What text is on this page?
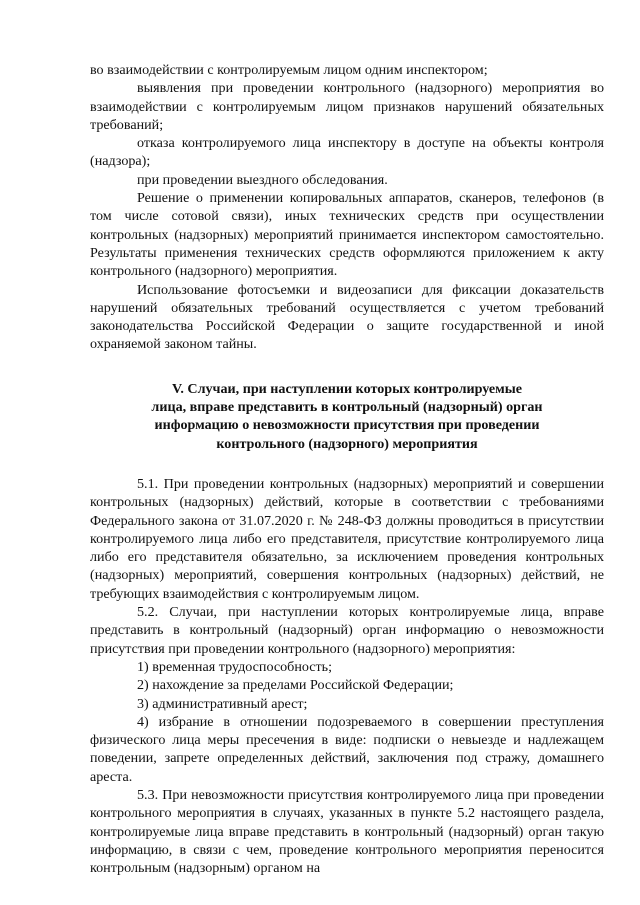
во взаимодействии с контролируемым лицом одним инспектором;

выявления при проведении контрольного (надзорного) мероприятия во взаимодействии с контролируемым лицом признаков нарушений обязательных требований;

отказа контролируемого лица инспектору в доступе на объекты контроля (надзора);

при проведении выездного обследования.

Решение о применении копировальных аппаратов, сканеров, телефонов (в том числе сотовой связи), иных технических средств при осуществлении контрольных (надзорных) мероприятий принимается инспектором самостоятельно. Результаты применения технических средств оформляются приложением к акту контрольного (надзорного) мероприятия.

Использование фотосъемки и видеозаписи для фиксации доказательств нарушений обязательных требований осуществляется с учетом требований законодательства Российской Федерации о защите государственной и иной охраняемой законом тайны.

V. Случаи, при наступлении которых контролируемые
лица, вправе представить в контрольный (надзорный) орган
информацию о невозможности присутствия при проведении
контрольного (надзорного) мероприятия

5.1. При проведении контрольных (надзорных) мероприятий и совершении контрольных (надзорных) действий, которые в соответствии с требованиями Федерального закона от 31.07.2020 г. № 248-ФЗ должны проводиться в присутствии контролируемого лица либо его представителя, присутствие контролируемого лица либо его представителя обязательно, за исключением проведения контрольных (надзорных) мероприятий, совершения контрольных (надзорных) действий, не требующих взаимодействия с контролируемым лицом.

5.2. Случаи, при наступлении которых контролируемые лица, вправе представить в контрольный (надзорный) орган информацию о невозможности присутствия при проведении контрольного (надзорного) мероприятия:

1) временная трудоспособность;

2) нахождение за пределами Российской Федерации;

3) административный арест;

4) избрание в отношении подозреваемого в совершении преступления физического лица меры пресечения в виде: подписки о невыезде и надлежащем поведении, запрете определенных действий, заключения под стражу, домашнего ареста.

5.3. При невозможности присутствия контролируемого лица при проведении контрольного мероприятия в случаях, указанных в пункте 5.2 настоящего раздела, контролируемые лица вправе представить в контрольный (надзорный) орган такую информацию, в связи с чем, проведение контрольного мероприятия переносится контрольным (надзорным) органом на
